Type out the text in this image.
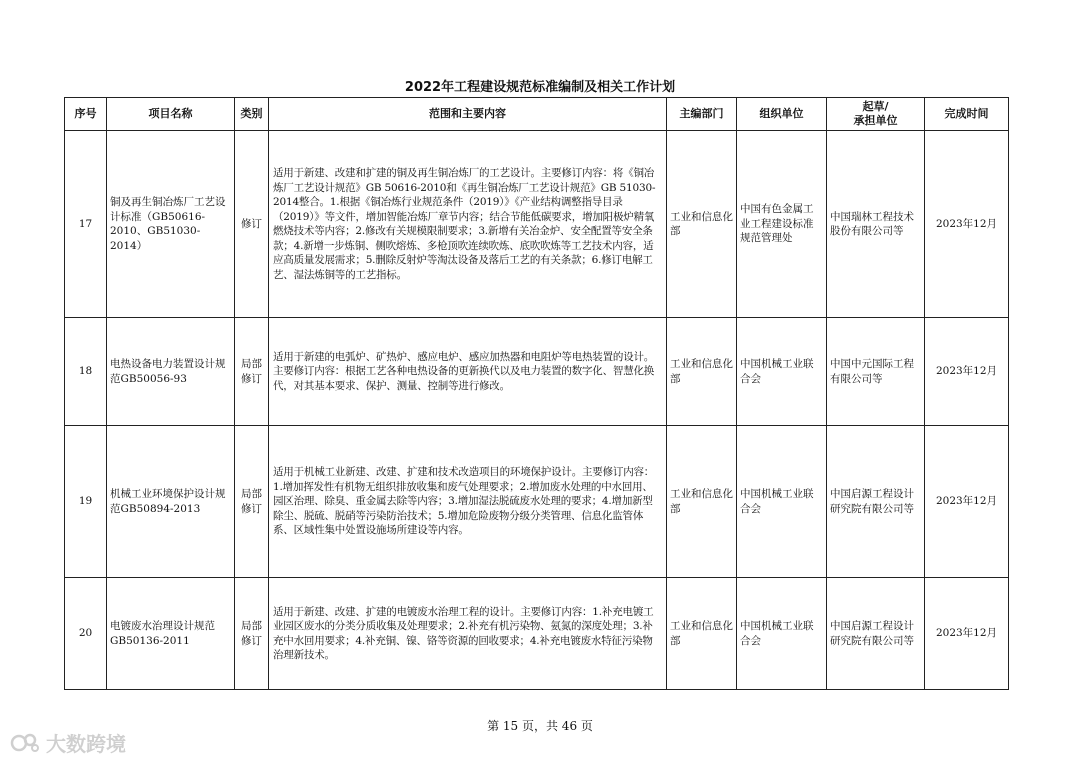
2022年工程建设规范标准编制及相关工作计划
序号	项目名称	类别	范围和主要内容	主编部门	组织单位	起草/
承担单位	完成时间
17	铜及再生铜冶炼厂工艺设计标准（GB50616-2010、GB51030-2014）	修订	适用于新建、改建和扩建的铜及再生铜冶炼厂的工艺设计。主要修订内容：将《铜冶炼厂工艺设计规范》GB 50616-2010和《再生铜冶炼厂工艺设计规范》GB 51030-2014整合。1.根据《铜冶炼行业规范条件（2019）》《产业结构调整指导目录（2019）》等文件，增加智能冶炼厂章节内容；结合节能低碳要求，增加阳极炉精氧燃烧技术等内容；2.修改有关规模限制要求；3.新增有关冶金炉、安全配置等安全条款；4.新增一步炼铜、侧吹熔炼、多枪顶吹连续吹炼、底吹吹炼等工艺技术内容，适应高质量发展需求；5.删除反射炉等淘汰设备及落后工艺的有关条款；6.修订电解工艺、湿法炼铜等的工艺指标。	工业和信息化部	中国有色金属工业工程建设标准规范管理处	中国瑞林工程技术股份有限公司等	2023年12月
18	电热设备电力装置设计规范GB50056-93	局部修订	适用于新建的电弧炉、矿热炉、感应电炉、感应加热器和电阻炉等电热装置的设计。主要修订内容：根据工艺各种电热设备的更新换代以及电力装置的数字化、智慧化换代，对其基本要求、保护、测量、控制等进行修改。	工业和信息化部	中国机械工业联合会	中国中元国际工程有限公司等	2023年12月
19	机械工业环境保护设计规范GB50894-2013	局部修订	适用于机械工业新建、改建、扩建和技术改造项目的环境保护设计。主要修订内容：1.增加挥发性有机物无组织排放收集和废气处理要求；2.增加废水处理的中水回用、园区治理、除臭、重金属去除等内容；3.增加湿法脱硫废水处理的要求；4.增加新型除尘、脱硫、脱硝等污染防治技术；5.增加危险废物分级分类管理、信息化监管体系、区域性集中处置设施场所建设等内容。	工业和信息化部	中国机械工业联合会	中国启源工程设计研究院有限公司等	2023年12月
20	电镀废水治理设计规范GB50136-2011	局部修订	适用于新建、改建、扩建的电镀废水治理工程的设计。主要修订内容：1.补充电镀工业园区废水的分类分质收集及处理要求；2.补充有机污染物、氨氮的深度处理；3.补充中水回用要求；4.补充铜、镍、铬等资源的回收要求；4.补充电镀废水特征污染物治理新技术。	工业和信息化部	中国机械工业联合会	中国启源工程设计研究院有限公司等	2023年12月
第 15 页，共 46 页
大数跨境
